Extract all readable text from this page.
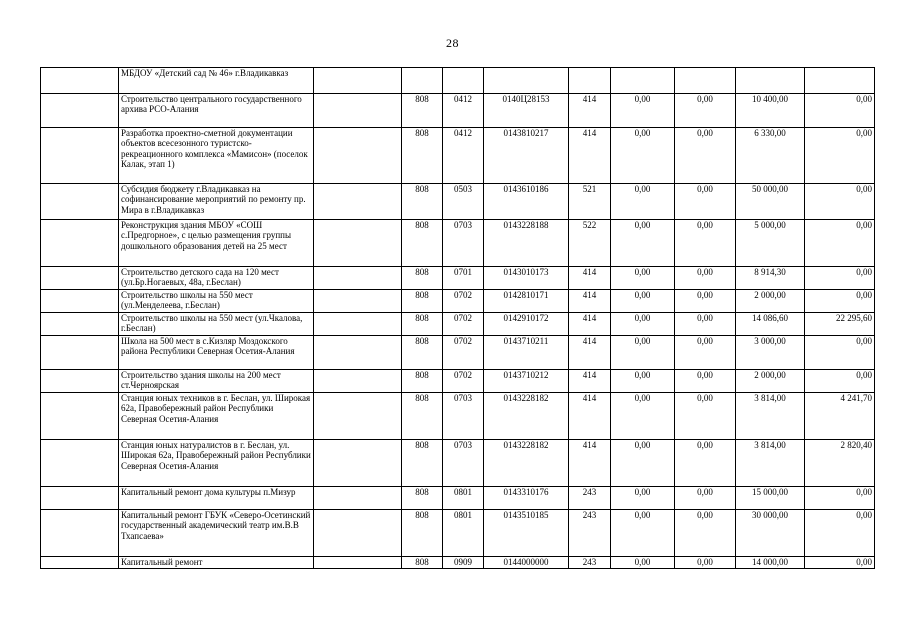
28
	МБДОУ «Детский сад № 46» г.Владикавказ									
	Строительство центрального государственного архива РСО-Алания		808	0412	0140Ц28153	414	0,00	0,00	10 400,00	0,00
	Разработка проектно-сметной документации объектов всесезонного туристско-рекреационного комплекса «Мамисон» (поселок Калак, этап 1)		808	0412	0143810217	414	0,00	0,00	6 330,00	0,00
	Субсидия бюджету г.Владикавказ на софинансирование мероприятий по ремонту пр. Мира в г.Владикавказ		808	0503	0143610186	521	0,00	0,00	50 000,00	0,00
	Реконструкция здания МБОУ «СОШ с.Предгорное», с целью размещения группы дошкольного образования детей на 25 мест		808	0703	0143228188	522	0,00	0,00	5 000,00	0,00
	Строительство детского сада на 120 мест (ул.Бр.Ногаевых, 48а, г.Беслан)		808	0701	0143010173	414	0,00	0,00	8 914,30	0,00
	Строительство школы на 550 мест (ул.Менделеева, г.Беслан)		808	0702	0142810171	414	0,00	0,00	2 000,00	0,00
	Строительство школы на 550 мест (ул.Чкалова, г.Беслан)		808	0702	0142910172	414	0,00	0,00	14 086,60	22 295,60
	Школа на 500 мест в с.Кизляр Моздокского района Республики Северная Осетия-Алания		808	0702	0143710211	414	0,00	0,00	3 000,00	0,00
	Строительство здания школы на 200 мест ст.Черноярская		808	0702	0143710212	414	0,00	0,00	2 000,00	0,00
	Станция юных техников в г. Беслан, ул. Широкая 62а, Правобережный район Республики Северная Осетия-Алания		808	0703	0143228182	414	0,00	0,00	3 814,00	4 241,70
	Станция юных натуралистов в г. Беслан, ул. Широкая 62а, Правобережный район Республики Северная Осетия-Алания		808	0703	0143228182	414	0,00	0,00	3 814,00	2 820,40
	Капитальный ремонт дома культуры п.Мизур		808	0801	0143310176	243	0,00	0,00	15 000,00	0,00
	Капитальный ремонт ГБУК «Северо-Осетинский государственный академический театр им.В.В Тхапсаева»		808	0801	0143510185	243	0,00	0,00	30 000,00	0,00
	Капитальный ремонт		808	0909	0144000000	243	0,00	0,00	14 000,00	0,00
